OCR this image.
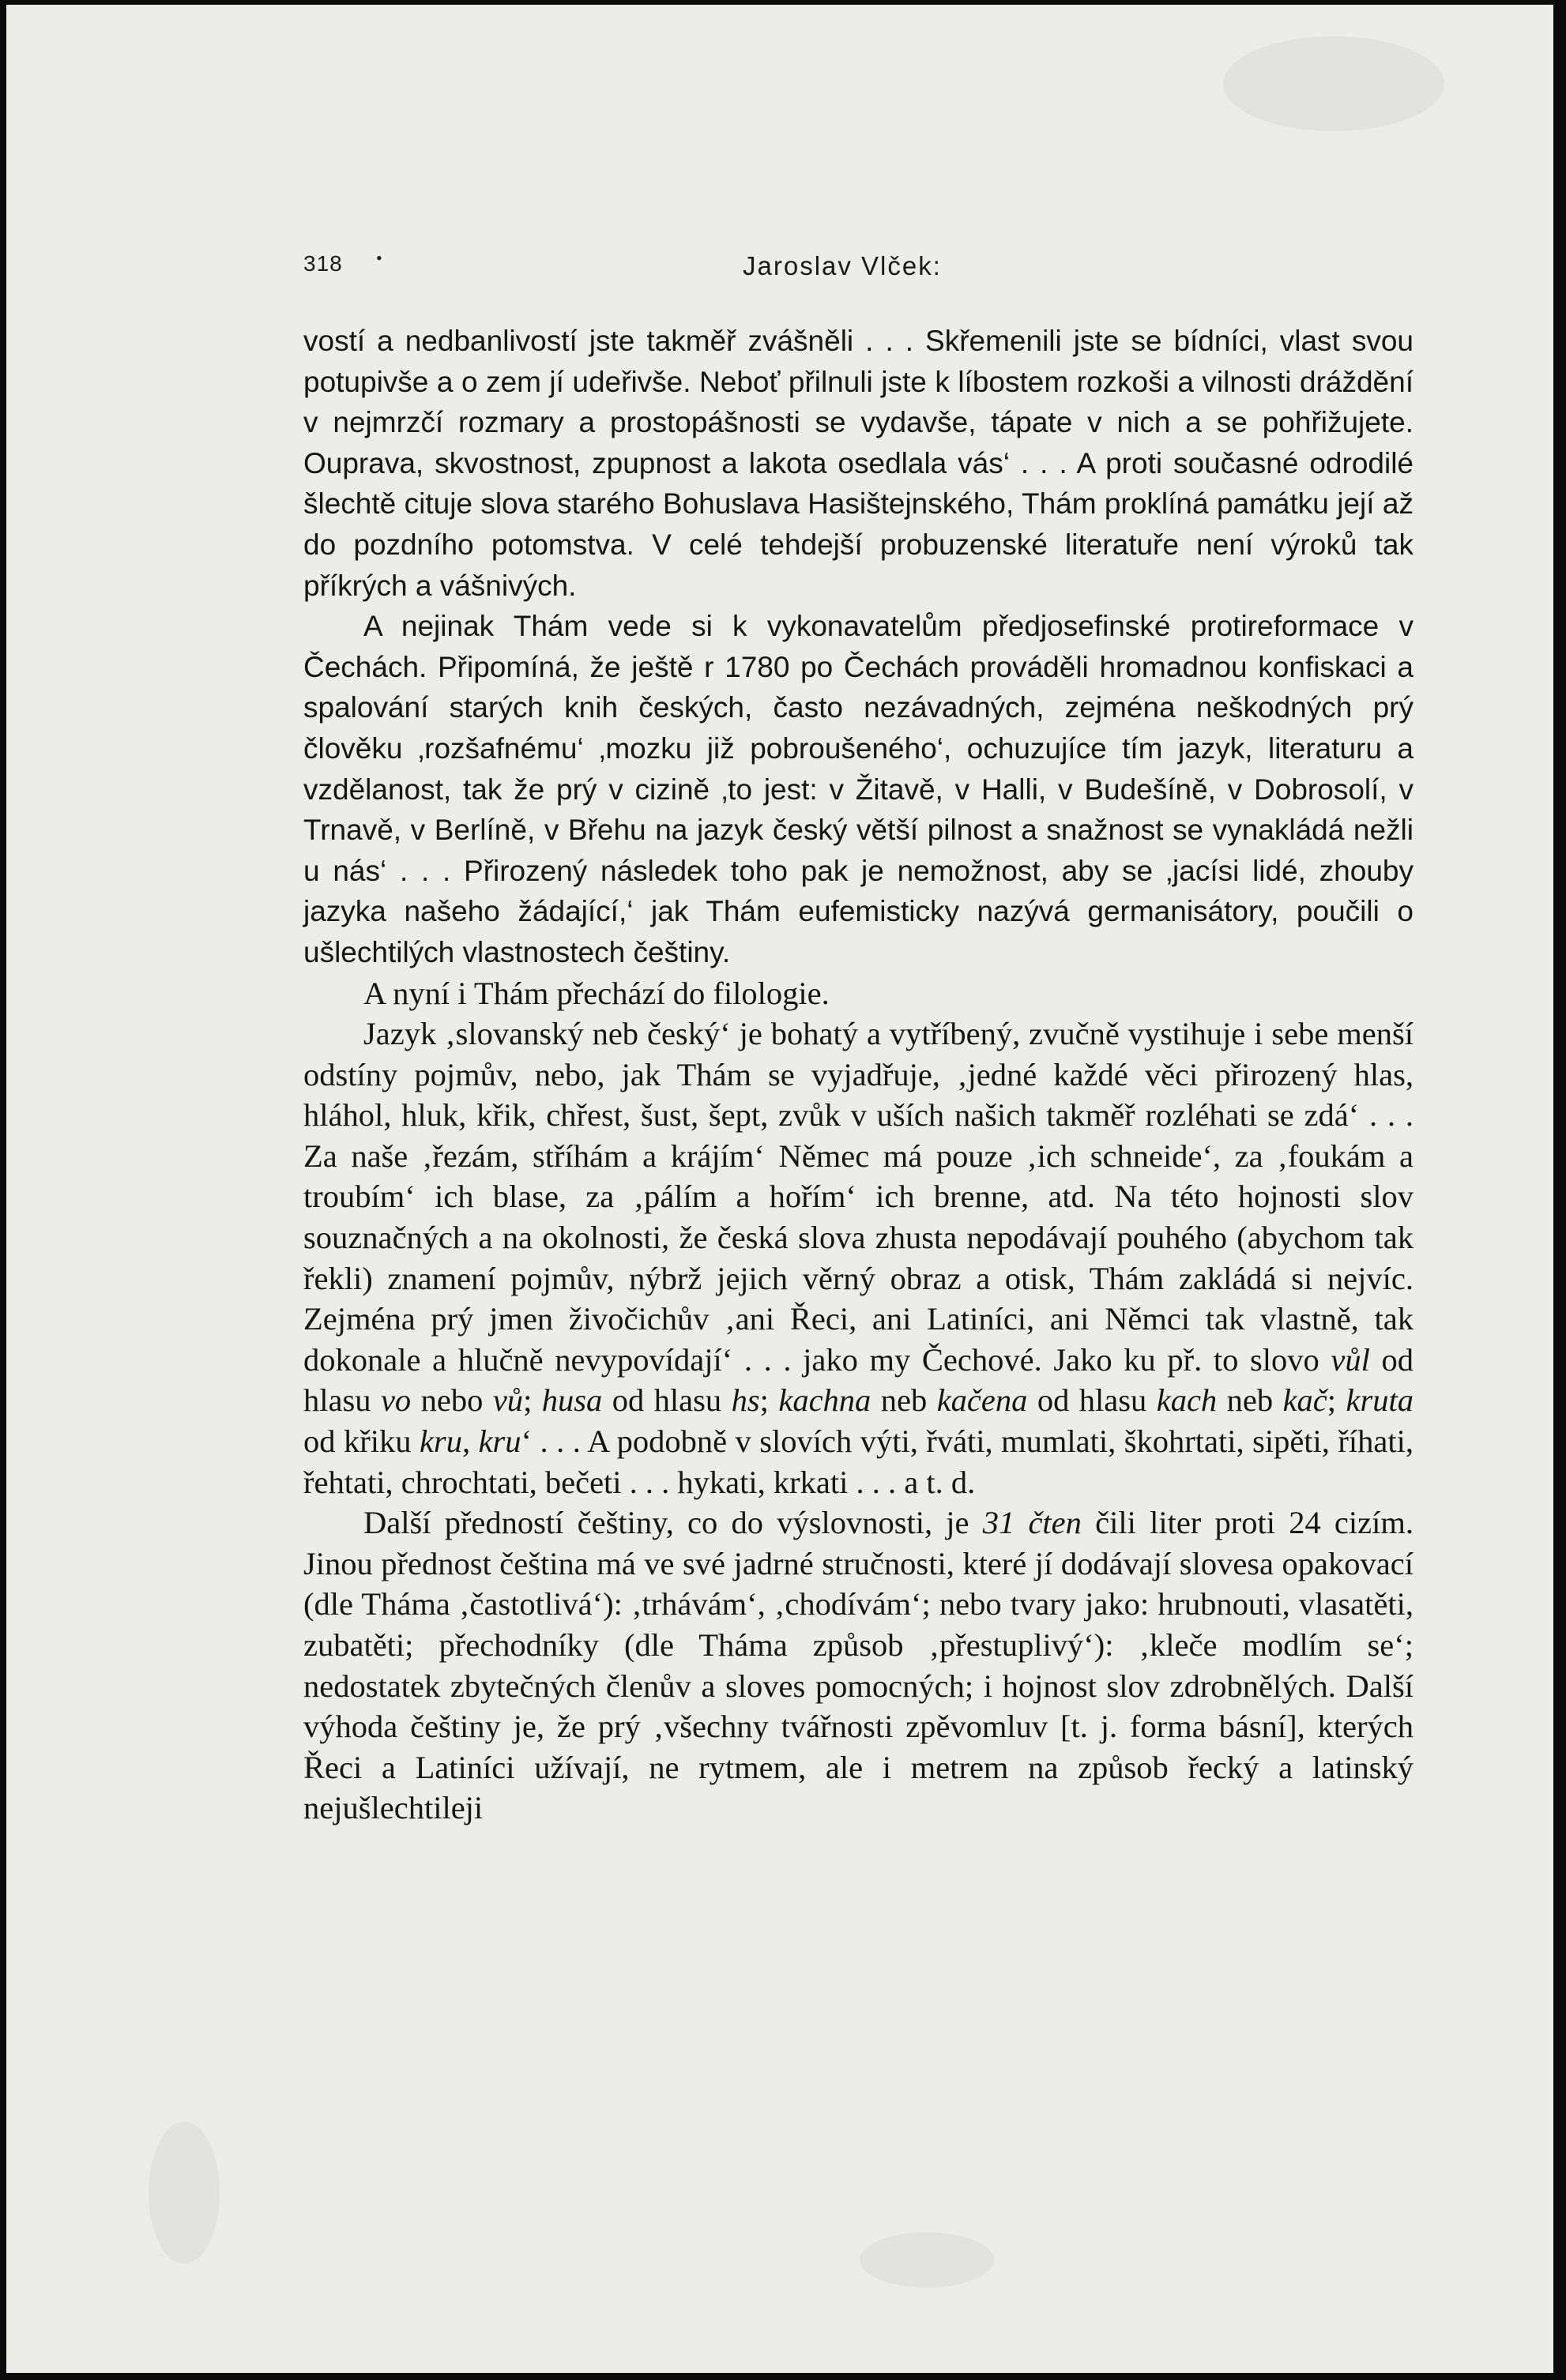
318 •	Jaroslav Vlček:

vostí a nedbanlivostí jste takměř zvášněli . . . Skřemenili jste se bídníci, vlast svou potupivše a o zem jí udeřivše. Neboť přilnuli jste k líbostem rozkoši a vilnosti dráždění v nejmrzčí rozmary a prostopášnosti se vydavše, tápate v nich a se pohřižujete. Ouprava, skvostnost, zpupnost a lakota osedlala vás‘ . . . A proti současné odrodilé šlechtě cituje slova starého Bohuslava Hasištejnského, Thám proklíná památku její až do pozdního potomstva. V celé tehdejší probuzenské literatuře není výroků tak příkrých a vášnivých.

A nejinak Thám vede si k vykonavatelům předjosefinské protireformace v Čechách. Připomíná, že ještě r 1780 po Čechách prováděli hromadnou konfiskaci a spalování starých knih českých, často nezávadných, zejména neškodných prý člověku ‚rozšafnému‘ ‚mozku již pobroušeného‘, ochuzujíce tím jazyk, literaturu a vzdělanost, tak že prý v cizině ‚to jest: v Žitavě, v Halli, v Budešíně, v Dobrosolí, v Trnavě, v Berlíně, v Břehu na jazyk český větší pilnost a snažnost se vynakládá nežli u nás‘ . . . Přirozený následek toho pak je nemožnost, aby se ‚jacísi lidé, zhouby jazyka našeho žádající,‘ jak Thám eufemisticky nazývá germanisátory, poučili o ušlechtilých vlastnostech češtiny.

A nyní i Thám přechází do filologie.

Jazyk ‚slovanský neb český‘ je bohatý a vytříbený, zvučně vystihuje i sebe menší odstíny pojmův, nebo, jak Thám se vyjadřuje, ‚jedné každé věci přirozený hlas, hláhol, hluk, křik, chřest, šust, šept, zvůk v uších našich takměř rozléhati se zdá‘ . . . Za naše ‚řezám, stříhám a krájím‘ Němec má pouze ‚ich schneide‘, za ‚foukám a troubím‘ ich blase, za ‚pálím a hořím‘ ich brenne, atd. Na této hojnosti slov souznačných a na okolnosti, že česká slova zhusta nepodávají pouhého (abychom tak řekli) znamení pojmův, nýbrž jejich věrný obraz a otisk, Thám zakládá si nejvíc. Zejména prý jmen živočichův ‚ani Řeci, ani Latiníci, ani Němci tak vlastně, tak dokonale a hlučně nevypovídají‘ . . . jako my Čechové. Jako ku př. to slovo vůl od hlasu vo nebo vů; husa od hlasu hs; kachna neb kačena od hlasu kach neb kač; kruta od křiku kru, kru‘ . . . A podobně v slovích výti, řváti, mumlati, škohrtati, sipěti, říhati, řehtati, chrochtati, bečeti . . . hykati, krkati . . . a t. d.

Další předností češtiny, co do výslovnosti, je 31 čten čili liter proti 24 cizím. Jinou přednost čeština má ve své jadrné stručnosti, které jí dodávají slovesa opakovací (dle Tháma ‚častotlivá‘): ‚trhávám‘, ‚chodívám‘; nebo tvary jako: hrubnouti, vlasatěti, zubatěti; přechodníky (dle Tháma způsob ‚přestuplivý‘): ‚kleče modlím se‘; nedostatek zbytečných členův a sloves pomocných; i hojnost slov zdrobnělých. Další výhoda češtiny je, že prý ‚všechny tvářnosti zpěvomluv [t. j. forma básní], kterých Řeci a Latiníci užívají, ne rytmem, ale i metrem na způsob řecký a latinský nejušlechtileji
